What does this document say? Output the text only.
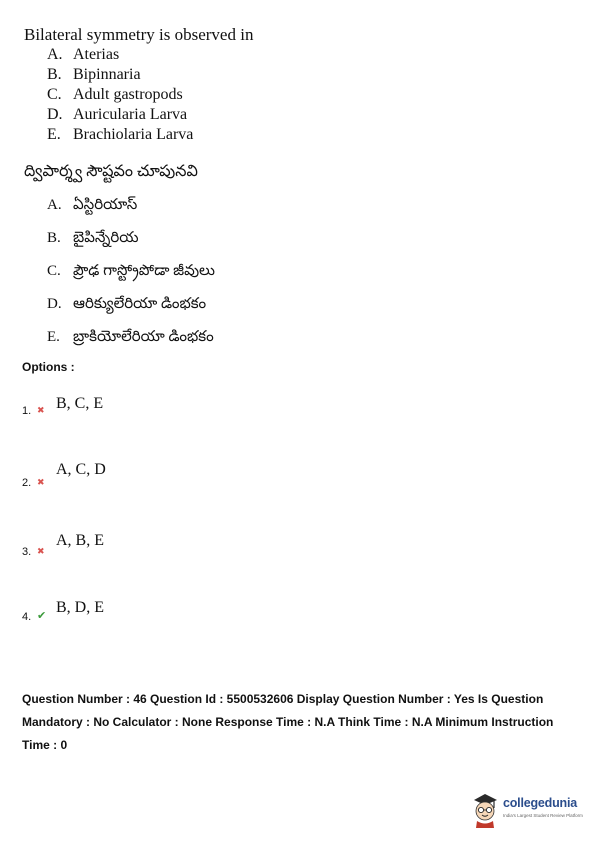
Bilateral symmetry is observed in
A. Aterias
B. Bipinnaria
C. Adult gastropods
D. Auricularia Larva
E. Brachiolaria Larva
ద్విపార్శ్వ సౌష్టవం చూపునవి
A. ఏస్టిరియాస్
B. బైపిన్నేరియ
C. ప్రౌఢ గాస్ట్రోపోడా జీవులు
D. ఆరిక్యులేరియా డింభకం
E. బ్రాకియోలేరియా డింభకం
Options :
1. ✖ B, C, E
2. ✖
A, C, D
3. ✖
A, B, E
4. ✔ B, D, E
Question Number : 46 Question Id : 5500532606 Display Question Number : Yes Is Question
Mandatory : No Calculator : None Response Time : N.A Think Time : N.A Minimum Instruction
Time : 0
collegedunia
India's Largest Student Review Platform
